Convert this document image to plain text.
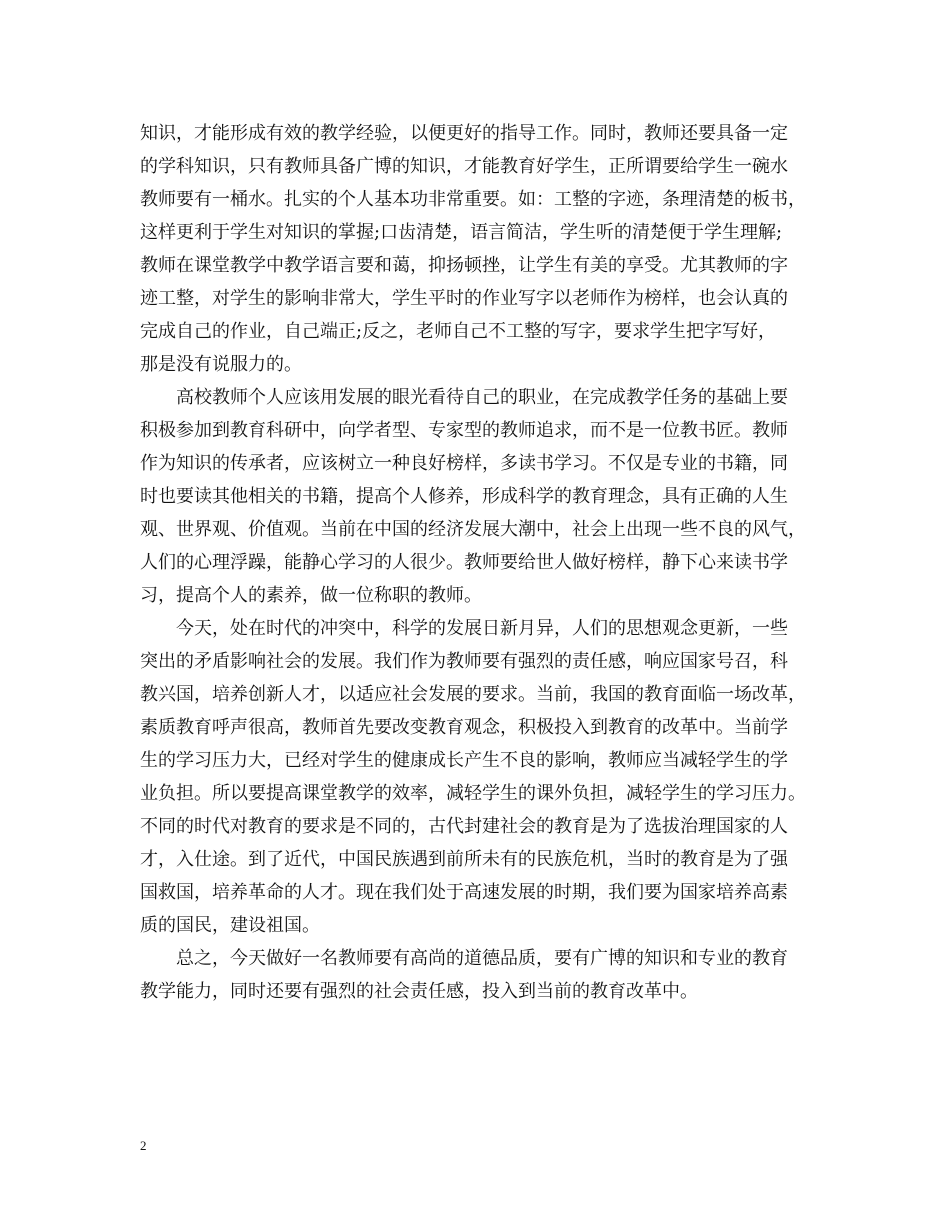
知识，才能形成有效的教学经验，以便更好的指导工作。同时，教师还要具备一定
的学科知识，只有教师具备广博的知识，才能教育好学生，正所谓要给学生一碗水
教师要有一桶水。扎实的个人基本功非常重要。如：工整的字迹，条理清楚的板书，
这样更利于学生对知识的掌握;口齿清楚，语言简洁，学生听的清楚便于学生理解;
教师在课堂教学中教学语言要和蔼，抑扬顿挫，让学生有美的享受。尤其教师的字
迹工整，对学生的影响非常大，学生平时的作业写字以老师作为榜样，也会认真的
完成自己的作业，自己端正;反之，老师自己不工整的写字，要求学生把字写好，
那是没有说服力的。
　　高校教师个人应该用发展的眼光看待自己的职业，在完成教学任务的基础上要
积极参加到教育科研中，向学者型、专家型的教师追求，而不是一位教书匠。教师
作为知识的传承者，应该树立一种良好榜样，多读书学习。不仅是专业的书籍，同
时也要读其他相关的书籍，提高个人修养，形成科学的教育理念，具有正确的人生
观、世界观、价值观。当前在中国的经济发展大潮中，社会上出现一些不良的风气，
人们的心理浮躁，能静心学习的人很少。教师要给世人做好榜样，静下心来读书学
习，提高个人的素养，做一位称职的教师。
　　今天，处在时代的冲突中，科学的发展日新月异，人们的思想观念更新，一些
突出的矛盾影响社会的发展。我们作为教师要有强烈的责任感，响应国家号召，科
教兴国，培养创新人才，以适应社会发展的要求。当前，我国的教育面临一场改革，
素质教育呼声很高，教师首先要改变教育观念，积极投入到教育的改革中。当前学
生的学习压力大，已经对学生的健康成长产生不良的影响，教师应当减轻学生的学
业负担。所以要提高课堂教学的效率，减轻学生的课外负担，减轻学生的学习压力。
不同的时代对教育的要求是不同的，古代封建社会的教育是为了选拔治理国家的人
才，入仕途。到了近代，中国民族遇到前所未有的民族危机，当时的教育是为了强
国救国，培养革命的人才。现在我们处于高速发展的时期，我们要为国家培养高素
质的国民，建设祖国。
　　总之，今天做好一名教师要有高尚的道德品质，要有广博的知识和专业的教育
教学能力，同时还要有强烈的社会责任感，投入到当前的教育改革中。
2
